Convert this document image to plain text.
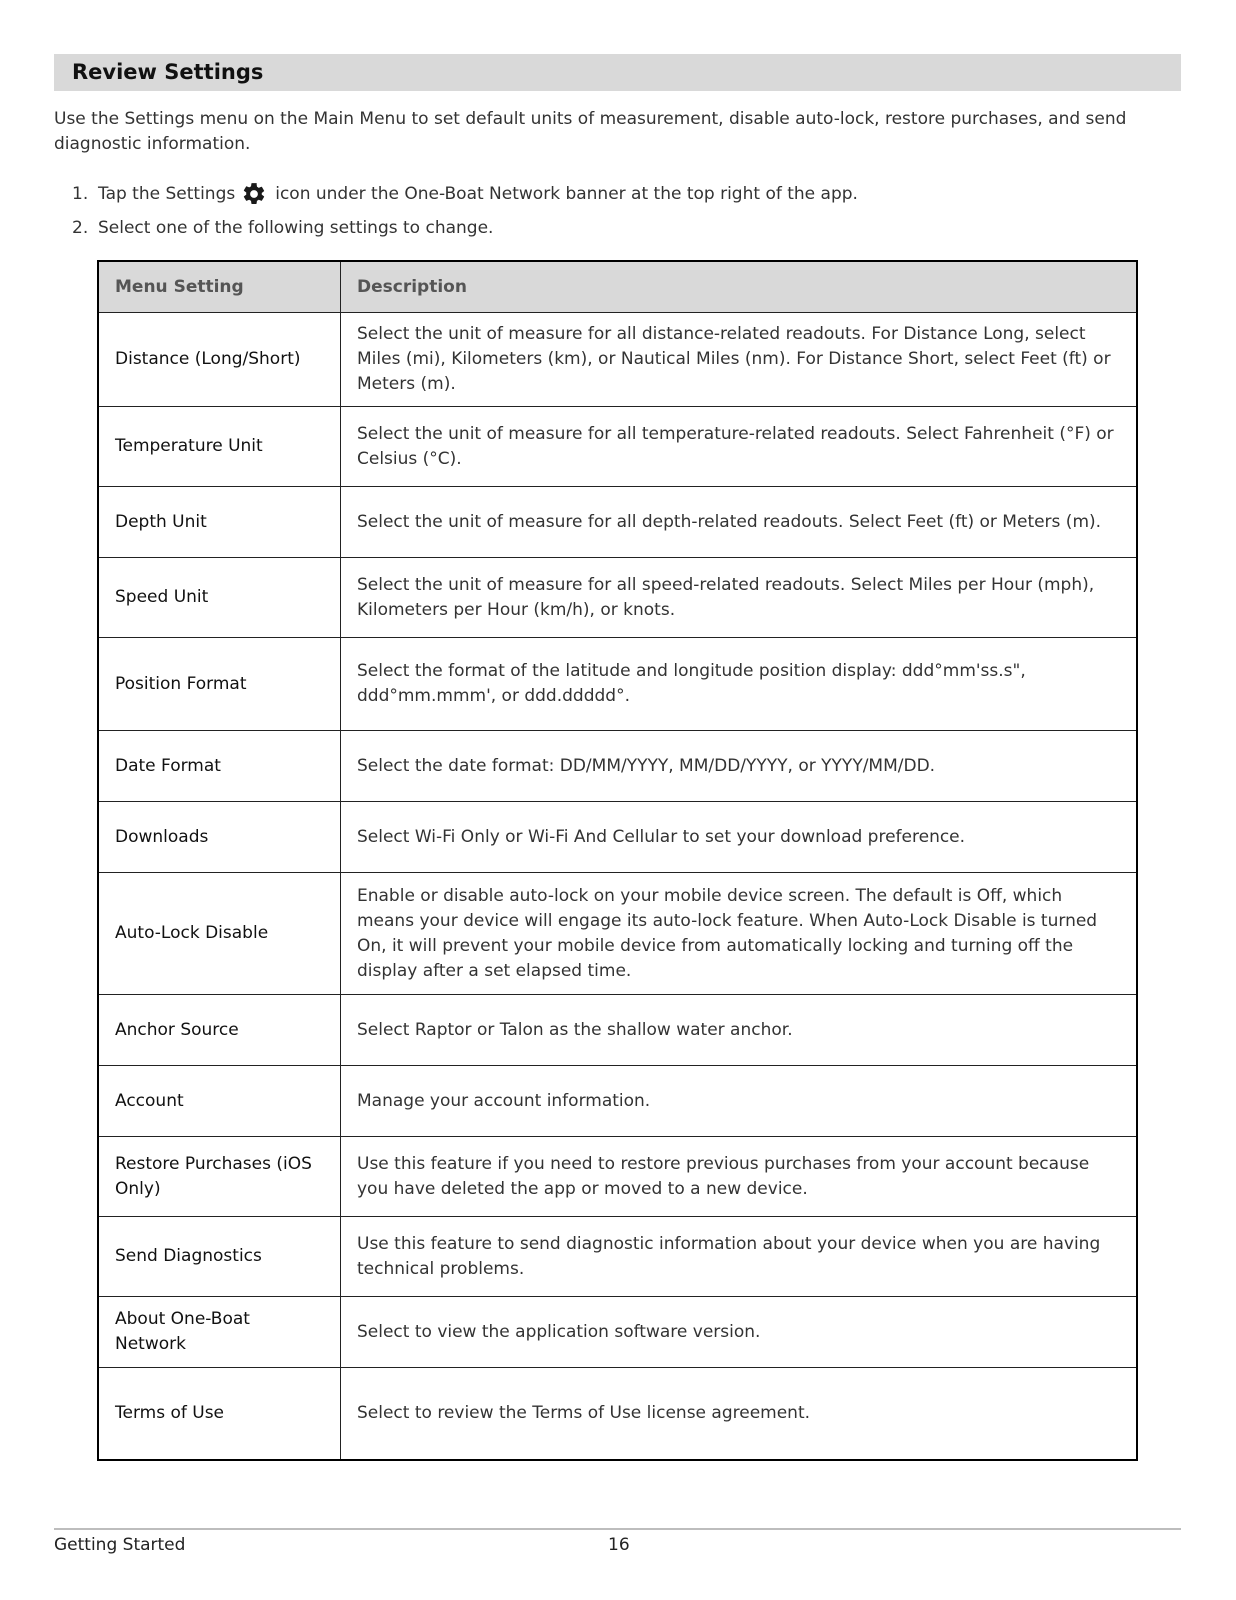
Review Settings
Use the Settings menu on the Main Menu to set default units of measurement, disable auto-lock, restore purchases, and send diagnostic information.
1. Tap the Settings icon under the One-Boat Network banner at the top right of the app.
2. Select one of the following settings to change.
Menu Setting	Description
Distance (Long/Short)	Select the unit of measure for all distance-related readouts. For Distance Long, select Miles (mi), Kilometers (km), or Nautical Miles (nm). For Distance Short, select Feet (ft) or Meters (m).
Temperature Unit	Select the unit of measure for all temperature-related readouts. Select Fahrenheit (°F) or Celsius (°C).
Depth Unit	Select the unit of measure for all depth-related readouts. Select Feet (ft) or Meters (m).
Speed Unit	Select the unit of measure for all speed-related readouts. Select Miles per Hour (mph), Kilometers per Hour (km/h), or knots.
Position Format	Select the format of the latitude and longitude position display: ddd°mm'ss.s", ddd°mm.mmm', or ddd.ddddd°.
Date Format	Select the date format: DD/MM/YYYY, MM/DD/YYYY, or YYYY/MM/DD.
Downloads	Select Wi-Fi Only or Wi-Fi And Cellular to set your download preference.
Auto-Lock Disable	Enable or disable auto-lock on your mobile device screen. The default is Off, which means your device will engage its auto-lock feature. When Auto-Lock Disable is turned On, it will prevent your mobile device from automatically locking and turning off the display after a set elapsed time.
Anchor Source	Select Raptor or Talon as the shallow water anchor.
Account	Manage your account information.
Restore Purchases (iOS Only)	Use this feature if you need to restore previous purchases from your account because you have deleted the app or moved to a new device.
Send Diagnostics	Use this feature to send diagnostic information about your device when you are having technical problems.
About One-Boat Network	Select to view the application software version.
Terms of Use	Select to review the Terms of Use license agreement.
Getting Started	16
